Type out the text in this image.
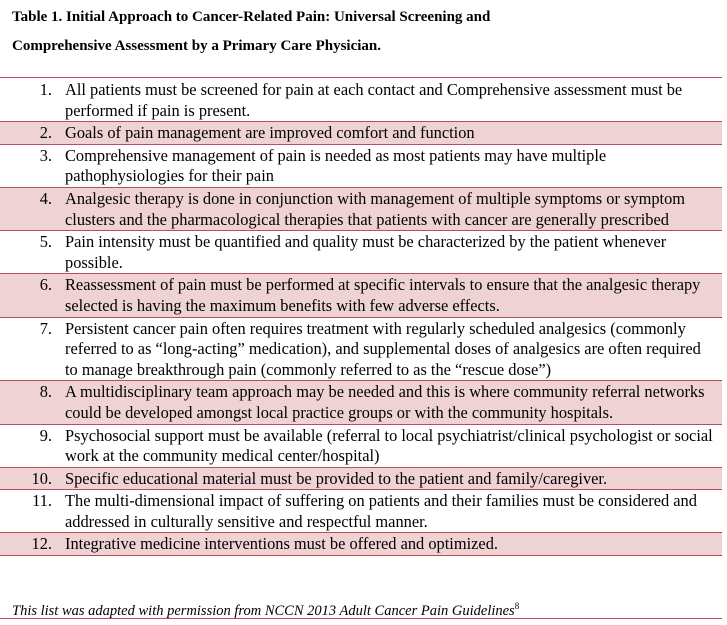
Table 1. Initial Approach to Cancer-Related Pain: Universal Screening and
Comprehensive Assessment by a Primary Care Physician.
1. All patients must be screened for pain at each contact and Comprehensive assessment must be performed if pain is present.
2. Goals of pain management are improved comfort and function
3. Comprehensive management of pain is needed as most patients may have multiple pathophysiologies for their pain
4. Analgesic therapy is done in conjunction with management of multiple symptoms or symptom clusters and the pharmacological therapies that patients with cancer are generally prescribed
5. Pain intensity must be quantified and quality must be characterized by the patient whenever possible.
6. Reassessment of pain must be performed at specific intervals to ensure that the analgesic therapy selected is having the maximum benefits with few adverse effects.
7. Persistent cancer pain often requires treatment with regularly scheduled analgesics (commonly referred to as “long-acting” medication), and supplemental doses of analgesics are often required to manage breakthrough pain (commonly referred to as the “rescue dose”)
8. A multidisciplinary team approach may be needed and this is where community referral networks could be developed amongst local practice groups or with the community hospitals.
9. Psychosocial support must be available (referral to local psychiatrist/clinical psychologist or social work at the community medical center/hospital)
10. Specific educational material must be provided to the patient and family/caregiver.
11. The multi-dimensional impact of suffering on patients and their families must be considered and addressed in culturally sensitive and respectful manner.
12. Integrative medicine interventions must be offered and optimized.
This list was adapted with permission from NCCN 2013 Adult Cancer Pain Guidelines$^8$
